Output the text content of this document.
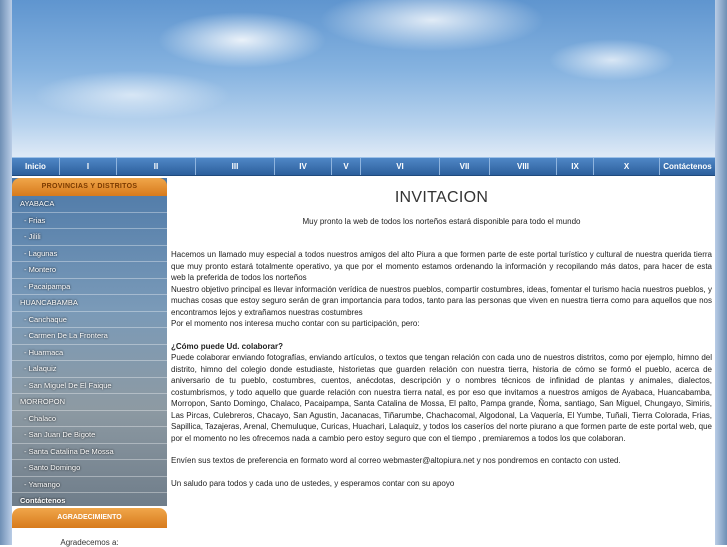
Inicio	I	II	III	IV	V	VI	VII	VIII	IX	X	Contáctenos
PROVINCIAS Y DISTRITOS
AYABACA
- Frias
- Jilili
- Lagunas
- Montero
- Pacaipampa
HUANCABAMBA
- Canchaque
- Carmen De La Frontera
- Huarmaca
- Lalaquiz
- San Miguel De El Faique
MORROPON
- Chalaco
- San Juan De Bigote
- Santa Catalina De Mossa
- Santo Domingo
- Yamango
Contáctenos
AGRADECIMIENTO
Agradecemos a:
INVITACION

Muy pronto la web de todos los norteños estará disponible para todo el mundo

Hacemos un llamado muy especial a todos nuestros amigos del alto Piura a que formen parte de este portal turístico y cultural de nuestra querida tierra que muy pronto estará totalmente operativo, ya que por el momento estamos ordenando la información y recopilando más datos, para hacer de esta web la preferida de todos los norteños

Nuestro objetivo principal es llevar información verídica de nuestros pueblos, compartir costumbres, ideas, fomentar el turismo hacia nuestros pueblos, y muchas cosas que estoy seguro serán de gran importancia para todos, tanto para las personas que viven en nuestra tierra como para aquellos que nos encontramos lejos y extrañamos nuestras costumbres

Por el momento nos interesa mucho contar con su participación, pero:

¿Cómo puede Ud. colaborar?

Puede colaborar enviando fotografías, enviando artículos, o textos que tengan relación con cada uno de nuestros distritos, como por ejemplo, himno del distrito, himno del colegio donde estudiaste, historietas que guarden relación con nuestra tierra, historia de cómo se formó el pueblo, acerca de aniversario de tu pueblo, costumbres, cuentos, anécdotas, descripción y o nombres técnicos de infinidad de plantas y animales, dialectos, costumbrismos, y todo aquello que guarde relación con nuestra tierra natal, es por eso que invitamos a nuestros amigos de Ayabaca, Huancabamba, Morropon, Santo Domingo, Chalaco, Pacaipampa, Santa Catalina de Mossa, El palto, Pampa grande, Ñoma, santiago, San Miguel, Chungayo, Simiris, Las Pircas, Culebreros, Chacayo, San Agustin, Jacanacas, Tiñarumbe, Chachacomal, Algodonal, La Vaquería, El Yumbe, Tuñali, Tierra Colorada, Frias, Sapillica, Tazajeras, Arenal, Chemuluque, Curicas, Huachari, Lalaquiz, y todos los caseríos del norte piurano a que formen parte de este portal web, que por el momento no les ofrecemos nada a cambio pero estoy seguro que con el tiempo , premiaremos a todos los que colaboran.

Envíen sus textos de preferencia en formato word al correo webmaster@altopiura.net y nos pondremos en contacto con usted.

Un saludo para todos y cada uno de ustedes, y esperamos contar con su apoyo
